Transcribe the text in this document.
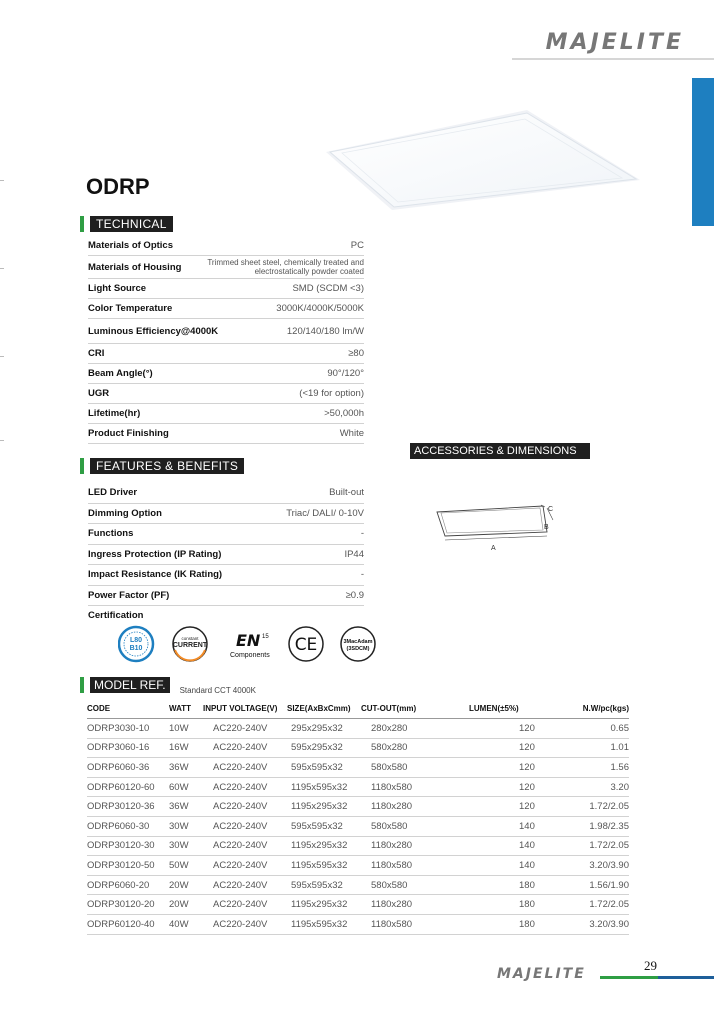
MAJELITE
ODRP
TECHNICAL
Materials of Optics	PC
Materials of Housing	Trimmed sheet steel, chemically treated and electrostatically powder coated
Light Source	SMD (SCDM <3)
Color Temperature	3000K/4000K/5000K
Luminous Efficiency@4000K	120/140/180 lm/W
CRI	≥80
Beam Angle(°)	90°/120°
UGR	(<19 for option)
Lifetime(hr)	>50,000h
Product Finishing	White
ACCESSORIES & DIMENSIONS
C
B
A
FEATURES & BENEFITS
LED Driver	Built-out
Dimming Option	Triac/ DALI/ 0-10V
Functions	-
Ingress Protection (IP Rating)	IP44
Impact Resistance (IK Rating)	-
Power Factor (PF)	≥0.9
Certification
L80
B10
constant
CURRENT EN 15
Components
CE	3MacAdam
(3SDCM)
MODEL REF.	Standard CCT 4000K
CODE	WATT	INPUT VOLTAGE(V)	SIZE(AxBxCmm)	CUT-OUT(mm)	LUMEN(±5%)	N.W/pc(kgs)
ODRP3030-10	10W	AC220-240V	295x295x32	280x280	120	0.65
ODRP3060-16	16W	AC220-240V	595x295x32	580x280	120	1.01
ODRP6060-36	36W	AC220-240V	595x595x32	580x580	120	1.56
ODRP60120-60	60W	AC220-240V	1195x595x32	1180x580	120	3.20
ODRP30120-36	36W	AC220-240V	1195x295x32	1180x280	120	1.72/2.05
ODRP6060-30	30W	AC220-240V	595x595x32	580x580	140	1.98/2.35
ODRP30120-30	30W	AC220-240V	1195x295x32	1180x280	140	1.72/2.05
ODRP30120-50	50W	AC220-240V	1195x595x32	1180x580	140	3.20/3.90
ODRP6060-20	20W	AC220-240V	595x595x32	580x580	180	1.56/1.90
ODRP30120-20	20W	AC220-240V	1195x295x32	1180x280	180	1.72/2.05
ODRP60120-40	40W	AC220-240V	1195x595x32	1180x580	180	3.20/3.90
29
MAJELITE
